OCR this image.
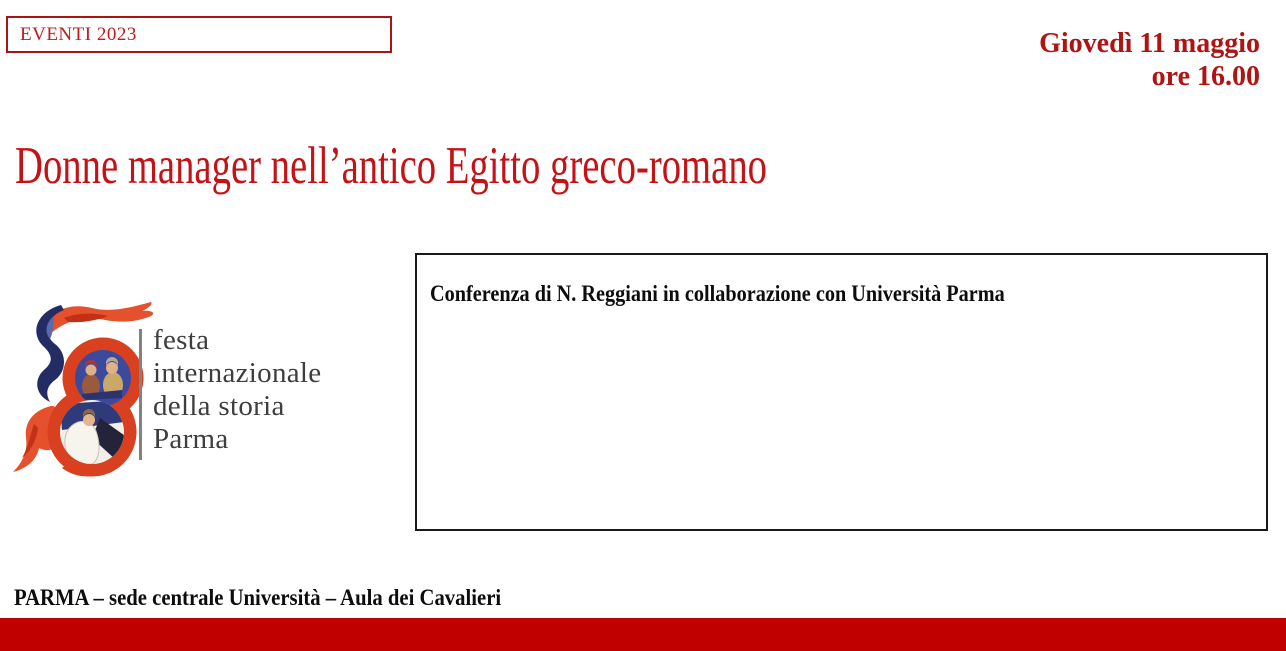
EVENTI 2023	Giovedì 11 maggio
ore 16.00
Donne manager nell’antico Egitto greco-romano
festa
internazionale
della storia
Parma
Conferenza di N. Reggiani in collaborazione con Università Parma
PARMA – sede centrale Università – Aula dei Cavalieri
